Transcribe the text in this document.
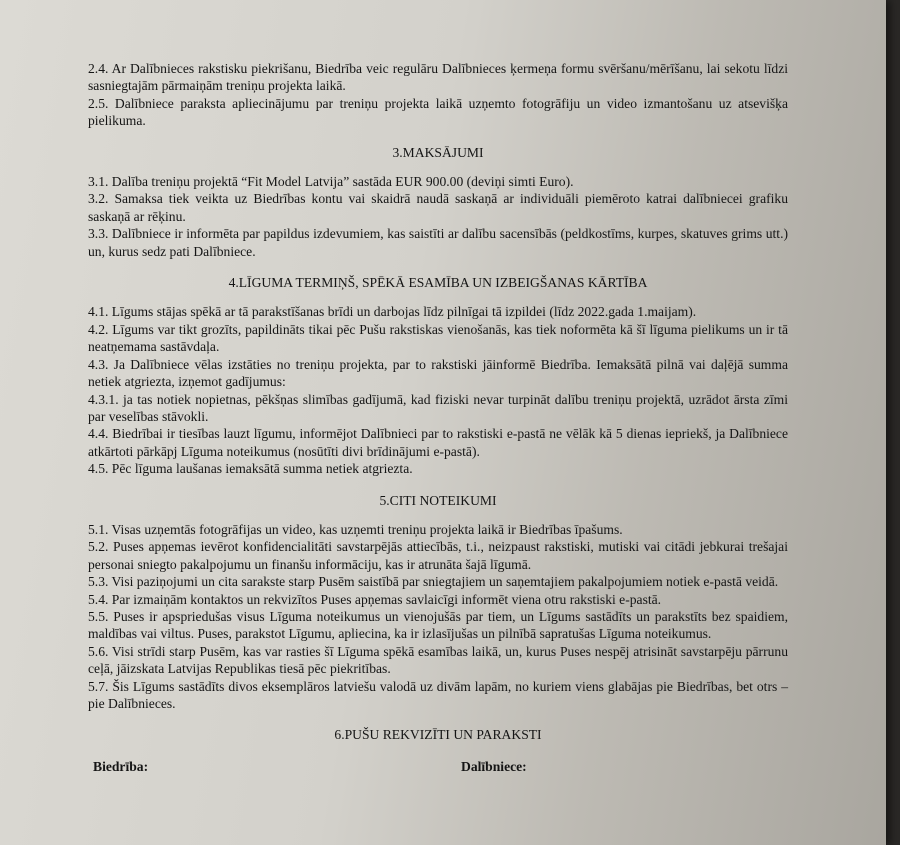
2.4. Ar Dalībnieces rakstisku piekrišanu, Biedrība veic regulāru Dalībnieces ķermeņa formu svēršanu/mērīšanu, lai sekotu līdzi sasniegtajām pārmaiņām treniņu projekta laikā.

2.5. Dalībniece paraksta apliecinājumu par treniņu projekta laikā uzņemto fotogrāfiju un video izmantošanu uz atsevišķa pielikuma.

3.MAKSĀJUMI

3.1. Dalība treniņu projektā “Fit Model Latvija” sastāda EUR 900.00 (deviņi simti Euro).

3.2. Samaksa tiek veikta uz Biedrības kontu vai skaidrā naudā saskaņā ar individuāli piemēroto katrai dalībniecei grafiku saskaņā ar rēķinu.

3.3. Dalībniece ir informēta par papildus izdevumiem, kas saistīti ar dalību sacensībās (peldkostīms, kurpes, skatuves grims utt.) un, kurus sedz pati Dalībniece.

4.LĪGUMA TERMIŅŠ, SPĒKĀ ESAMĪBA UN IZBEIGŠANAS KĀRTĪBA

4.1. Līgums stājas spēkā ar tā parakstīšanas brīdi un darbojas līdz pilnīgai tā izpildei (līdz 2022.gada 1.maijam).

4.2. Līgums var tikt grozīts, papildināts tikai pēc Pušu rakstiskas vienošanās, kas tiek noformēta kā šī līguma pielikums un ir tā neatņemama sastāvdaļa.

4.3. Ja Dalībniece vēlas izstāties no treniņu projekta, par to rakstiski jāinformē Biedrība. Iemaksātā pilnā vai daļējā summa netiek atgriezta, izņemot gadījumus:

4.3.1. ja tas notiek nopietnas, pēkšņas slimības gadījumā, kad fiziski nevar turpināt dalību treniņu projektā, uzrādot ārsta zīmi par veselības stāvokli.

4.4. Biedrībai ir tiesības lauzt līgumu, informējot Dalībnieci par to rakstiski e-pastā ne vēlāk kā 5 dienas iepriekš, ja Dalībniece atkārtoti pārkāpj Līguma noteikumus (nosūtīti divi brīdinājumi e-pastā).

4.5. Pēc līguma laušanas iemaksātā summa netiek atgriezta.

5.CITI NOTEIKUMI

5.1. Visas uzņemtās fotogrāfijas un video, kas uzņemti treniņu projekta laikā ir Biedrības īpašums.

5.2. Puses apņemas ievērot konfidencialitāti savstarpējās attiecībās, t.i., neizpaust rakstiski, mutiski vai citādi jebkurai trešajai personai sniegto pakalpojumu un finanšu informāciju, kas ir atrunāta šajā līgumā.

5.3. Visi paziņojumi un cita sarakste starp Pusēm saistībā par sniegtajiem un saņemtajiem pakalpojumiem notiek e-pastā veidā.

5.4. Par izmaiņām kontaktos un rekvizītos Puses apņemas savlaicīgi informēt viena otru rakstiski e-pastā.

5.5. Puses ir apspriedušas visus Līguma noteikumus un vienojušās par tiem, un Līgums sastādīts un parakstīts bez spaidiem, maldības vai viltus. Puses, parakstot Līgumu, apliecina, ka ir izlasījušas un pilnībā sapratušas Līguma noteikumus.

5.6. Visi strīdi starp Pusēm, kas var rasties šī Līguma spēkā esamības laikā, un, kurus Puses nespēj atrisināt savstarpēju pārrunu ceļā, jāizskata Latvijas Republikas tiesā pēc piekritības.

5.7. Šis Līgums sastādīts divos eksemplāros latviešu valodā uz divām lapām, no kuriem viens glabājas pie Biedrības, bet otrs – pie Dalībnieces.

6.PUŠU REKVIZĪTI UN PARAKSTI

Biedrība:	Dalībniece:
